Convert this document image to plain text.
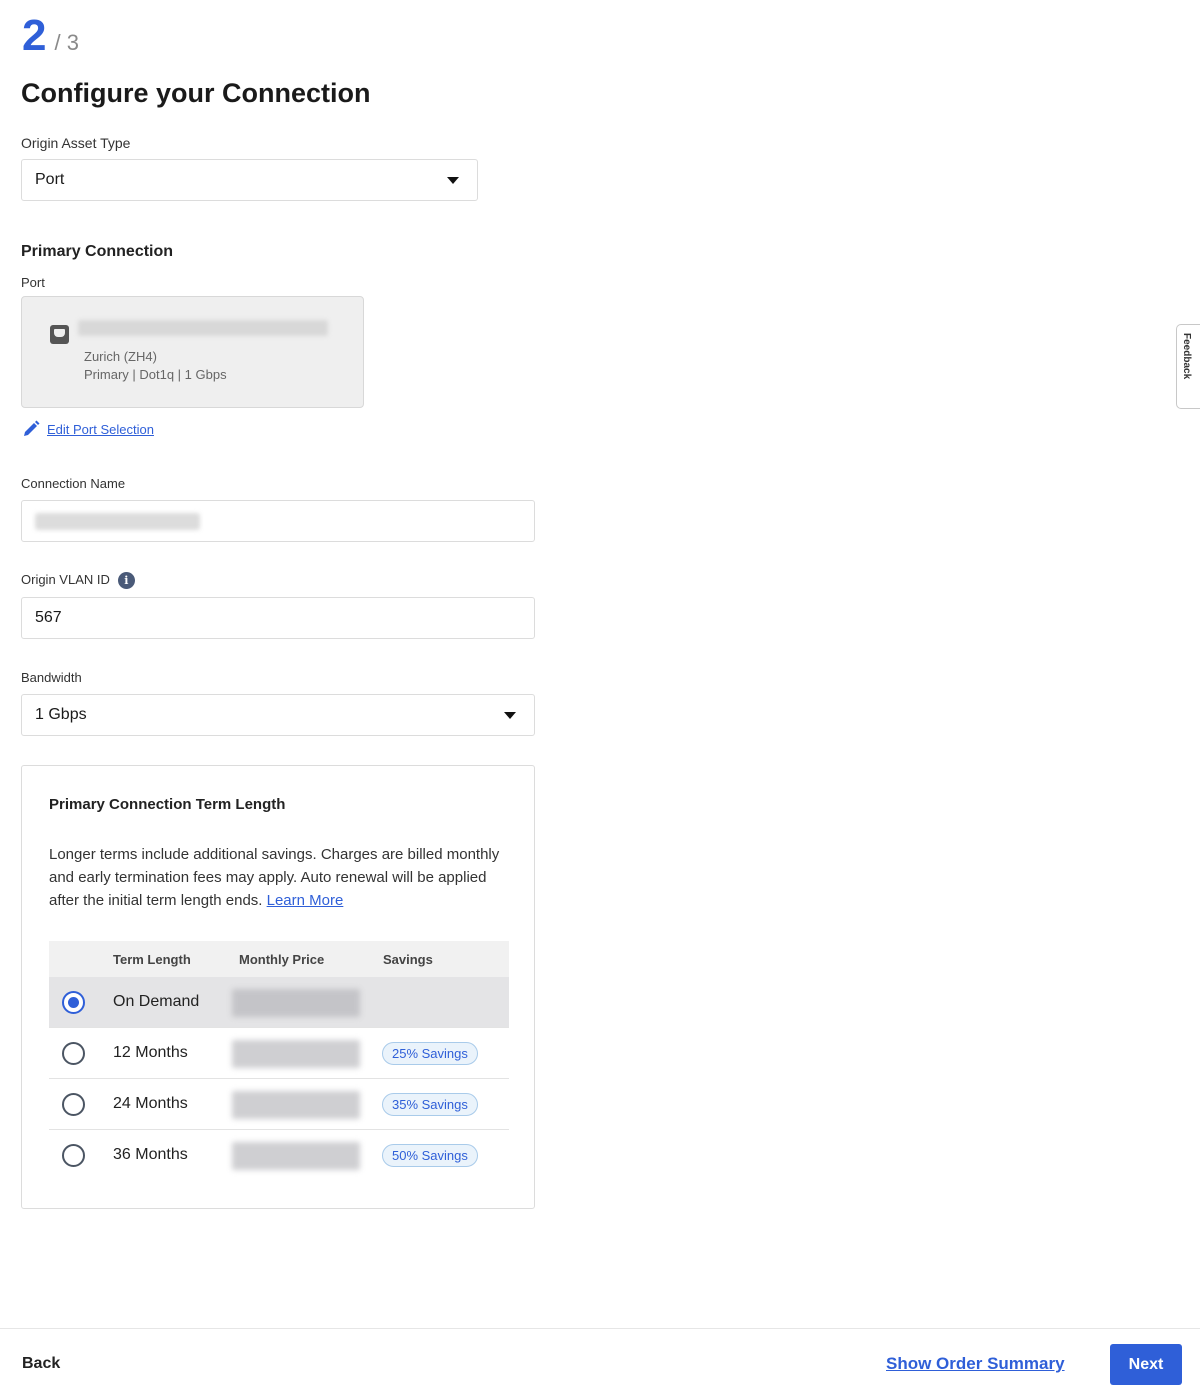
2 / 3
Configure your Connection
Origin Asset Type
Port
Primary Connection
Port
Zurich (ZH4)
Primary | Dot1q | 1 Gbps
Edit Port Selection
Connection Name
Origin VLAN ID i
567
Bandwidth
1 Gbps
Primary Connection Term Length
Longer terms include additional savings. Charges are billed monthly and early termination fees may apply. Auto renewal will be applied after the initial term length ends. Learn More
Term Length	Monthly Price	Savings
On Demand
12 Months	25% Savings
24 Months	35% Savings
36 Months	50% Savings
Feedback
Back	Show Order Summary	Next
